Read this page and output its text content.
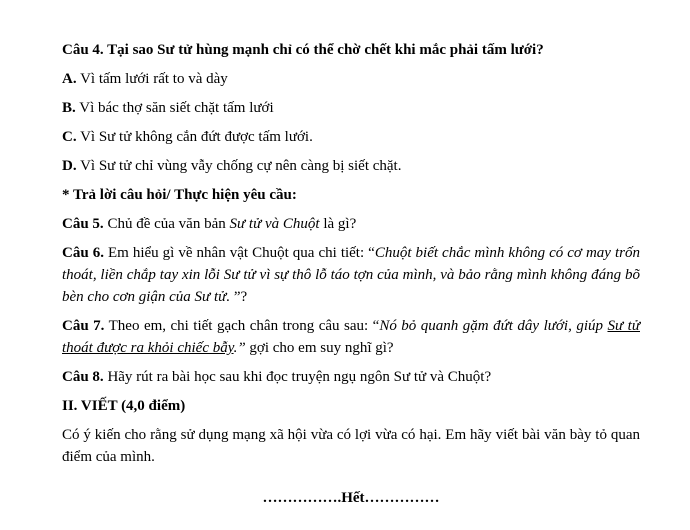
Câu 4. Tại sao Sư tử hùng mạnh chỉ có thể chờ chết khi mắc phải tấm lưới?

A. Vì tấm lưới rất to và dày

B. Vì bác thợ săn siết chặt tấm lưới

C. Vì Sư tử không cắn đứt được tấm lưới.

D. Vì Sư tử chỉ vùng vẫy chống cự nên càng bị siết chặt.

* Trả lời câu hỏi/ Thực hiện yêu cầu:

Câu 5. Chủ đề của văn bản Sư tử và Chuột là gì?

Câu 6. Em hiểu gì về nhân vật Chuột qua chi tiết: “Chuột biết chắc mình không có cơ may trốn thoát, liền chắp tay xin lỗi Sư tử vì sự thô lỗ táo tợn của mình, và bảo rằng mình không đáng bõ bèn cho cơn giận của Sư tử. ”?

Câu 7. Theo em, chi tiết gạch chân trong câu sau: “Nó bỏ quanh gặm đứt dây lưới, giúp Sư tử thoát được ra khỏi chiếc bẫy.” gợi cho em suy nghĩ gì?

Câu 8. Hãy rút ra bài học sau khi đọc truyện ngụ ngôn Sư tử và Chuột?

II. VIẾT (4,0 điểm)

Có ý kiến cho rằng sử dụng mạng xã hội vừa có lợi vừa có hại. Em hãy viết bài văn bày tỏ quan điểm của mình.

…………….Hết……………
